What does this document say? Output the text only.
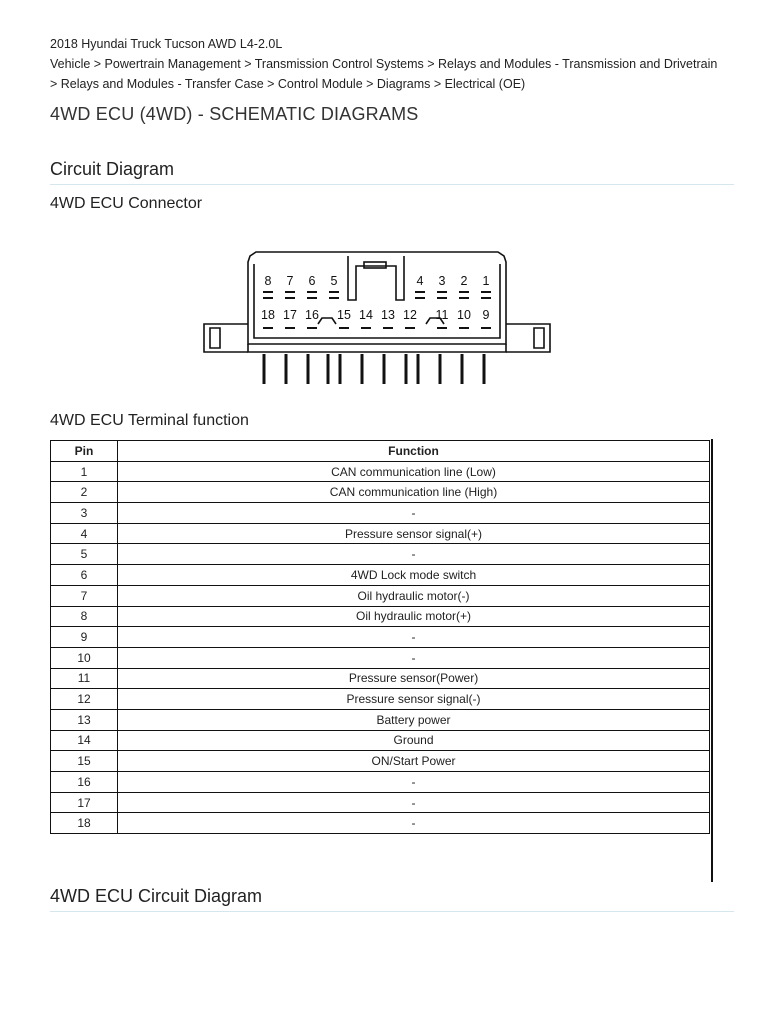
2018 Hyundai Truck Tucson AWD L4-2.0L
Vehicle > Powertrain Management > Transmission Control Systems > Relays and Modules - Transmission and Drivetrain > Relays and Modules - Transfer Case > Control Module > Diagrams > Electrical (OE)
4WD ECU (4WD) - SCHEMATIC DIAGRAMS
Circuit Diagram
4WD ECU Connector
8 7 6 5	4 3 2 1
18 17 16 15 14 13 12 11 10 9
4WD ECU Terminal function
Pin	Function
1	CAN communication line (Low)
2	CAN communication line (High)
3	-
4	Pressure sensor signal(+)
5	-
6	4WD Lock mode switch
7	Oil hydraulic motor(-)
8	Oil hydraulic motor(+)
9	-
10	-
11	Pressure sensor(Power)
12	Pressure sensor signal(-)
13	Battery power
14	Ground
15	ON/Start Power
16	-
17	-
18	-
4WD ECU Circuit Diagram
